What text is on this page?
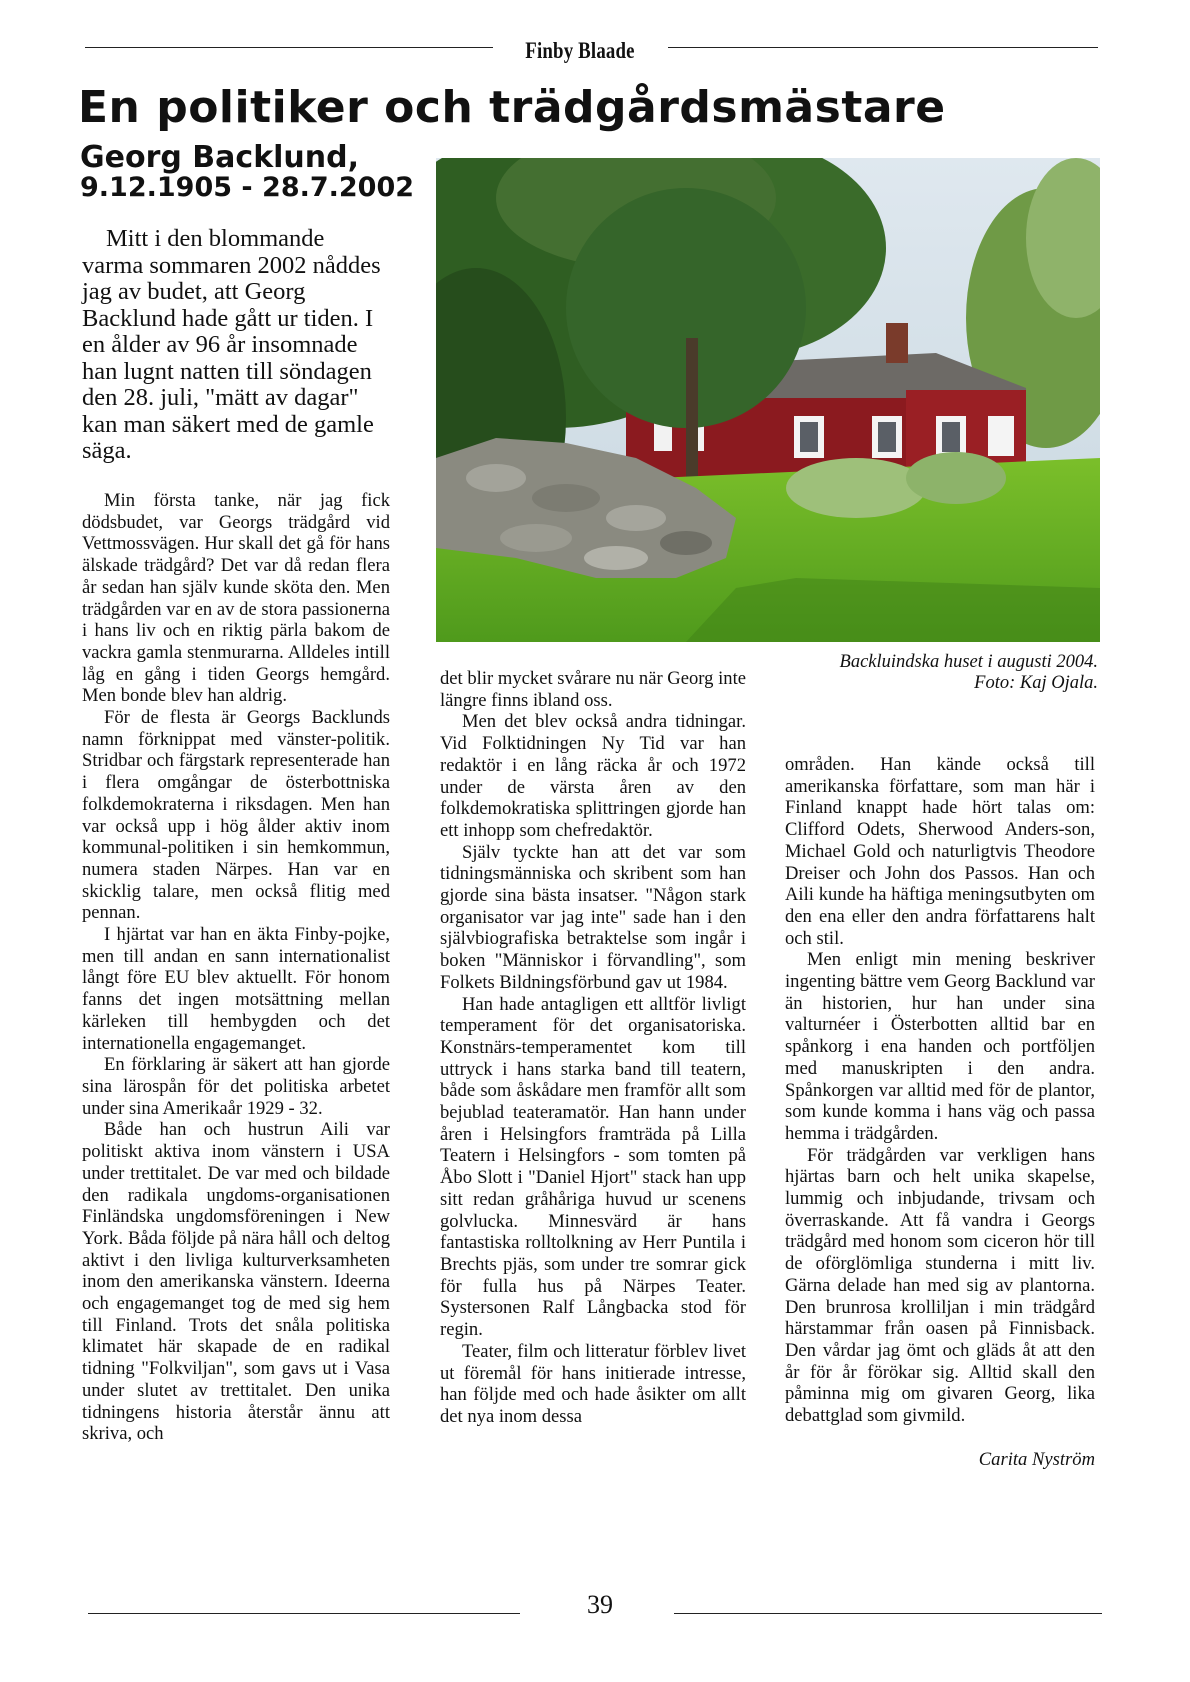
Finby Blaade
En politiker och trädgårdsmästare
Georg Backlund,
9.12.1905 - 28.7.2002

Mitt i den blommande varma sommaren 2002 nåddes jag av budet, att Georg Backlund hade gått ur tiden. I en ålder av 96 år insomnade han lugnt natten till söndagen den 28. juli, "mätt av dagar" kan man säkert med de gamle säga.

Backluindska huset i augusti 2004.
Foto: Kaj Ojala.

Min första tanke, när jag fick dödsbudet, var Georgs trädgård vid Vettmossvägen. Hur skall det gå för hans älskade trädgård? Det var då redan flera år sedan han själv kunde sköta den. Men trädgården var en av de stora passionerna i hans liv och en riktig pärla bakom de vackra gamla stenmurarna. Alldeles intill låg en gång i tiden Georgs hemgård. Men bonde blev han aldrig.

För de flesta är Georgs Backlunds namn förknippat med vänster-politik. Stridbar och färgstark representerade han i flera omgångar de österbottniska folkdemokraterna i riksdagen. Men han var också upp i hög ålder aktiv inom kommunal-politiken i sin hemkommun, numera staden Närpes. Han var en skicklig talare, men också flitig med pennan.

I hjärtat var han en äkta Finby-pojke, men till andan en sann internationalist långt före EU blev aktuellt. För honom fanns det ingen motsättning mellan kärleken till hembygden och det internationella engagemanget.

En förklaring är säkert att han gjorde sina lärospån för det politiska arbetet under sina Amerikaår 1929 - 32.

Både han och hustrun Aili var politiskt aktiva inom vänstern i USA under trettitalet. De var med och bildade den radikala ungdoms-organisationen Finländska ungdomsföreningen i New York. Båda följde på nära håll och deltog aktivt i den livliga kulturverksamheten inom den amerikanska vänstern. Ideerna och engagemanget tog de med sig hem till Finland. Trots det snåla politiska klimatet här skapade de en radikal tidning "Folkviljan", som gavs ut i Vasa under slutet av trettitalet. Den unika tidningens historia återstår ännu att skriva, och

det blir mycket svårare nu när Georg inte längre finns ibland oss.

Men det blev också andra tidningar. Vid Folktidningen Ny Tid var han redaktör i en lång räcka år och 1972 under de värsta åren av den folkdemokratiska splittringen gjorde han ett inhopp som chefredaktör.

Själv tyckte han att det var som tidningsmänniska och skribent som han gjorde sina bästa insatser. "Någon stark organisator var jag inte" sade han i den självbiografiska betraktelse som ingår i boken "Människor i förvandling", som Folkets Bildningsförbund gav ut 1984.

Han hade antagligen ett alltför livligt temperament för det organisatoriska. Konstnärs-temperamentet kom till uttryck i hans starka band till teatern, både som åskådare men framför allt som bejublad teateramatör. Han hann under åren i Helsingfors framträda på Lilla Teatern i Helsingfors - som tomten på Åbo Slott i "Daniel Hjort" stack han upp sitt redan gråhåriga huvud ur scenens golvlucka. Minnesvärd är hans fantastiska rolltolkning av Herr Puntila i Brechts pjäs, som under tre somrar gick för fulla hus på Närpes Teater. Systersonen Ralf Långbacka stod för regin.

Teater, film och litteratur förblev livet ut föremål för hans initierade intresse, han följde med och hade åsikter om allt det nya inom dessa

områden. Han kände också till amerikanska författare, som man här i Finland knappt hade hört talas om: Clifford Odets, Sherwood Anders-son, Michael Gold och naturligtvis Theodore Dreiser och John dos Passos. Han och Aili kunde ha häftiga meningsutbyten om den ena eller den andra författarens halt och stil.

Men enligt min mening beskriver ingenting bättre vem Georg Backlund var än historien, hur han under sina valturnéer i Österbotten alltid bar en spånkorg i ena handen och portföljen med manuskripten i den andra. Spånkorgen var alltid med för de plantor, som kunde komma i hans väg och passa hemma i trädgården.

För trädgården var verkligen hans hjärtas barn och helt unika skapelse, lummig och inbjudande, trivsam och överraskande. Att få vandra i Georgs trädgård med honom som ciceron hör till de oförglömliga stunderna i mitt liv. Gärna delade han med sig av plantorna. Den brunrosa krolliljan i min trädgård härstammar från oasen på Finnisback. Den vårdar jag ömt och gläds åt att den år för år förökar sig. Alltid skall den påminna mig om givaren Georg, lika debattglad som givmild.

Carita Nyström

39
